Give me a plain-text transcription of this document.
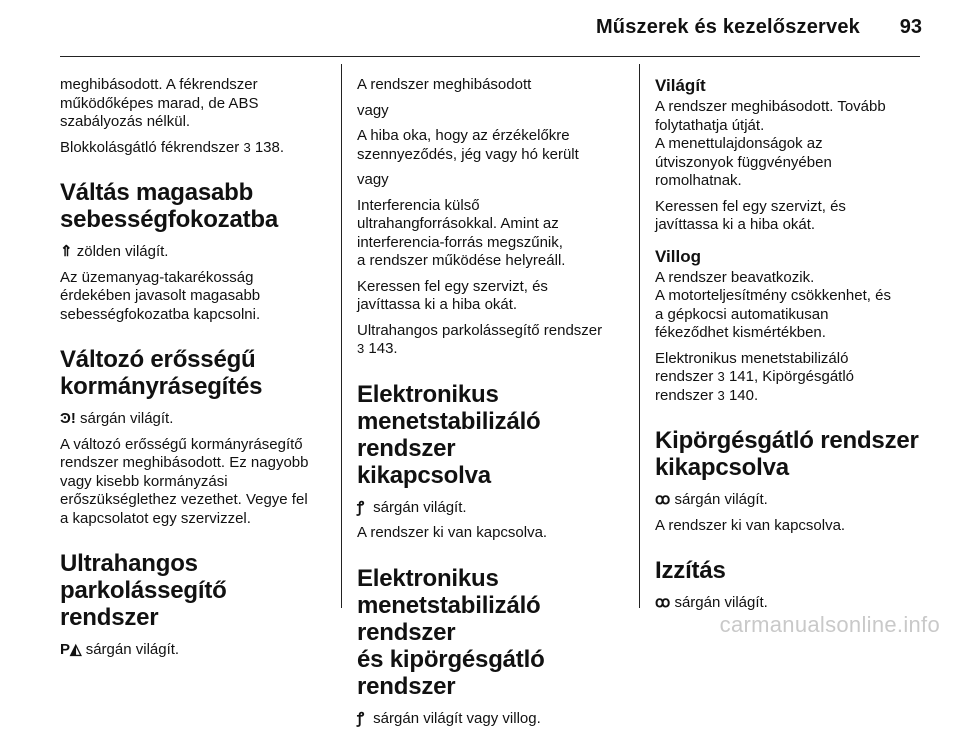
Műszerek és kezelőszervek	93

meghibásodott. A fékrendszer
működőképes marad, de ABS
szabályozás nélkül.

Blokkolásgátló fékrendszer 3 138.

Váltás magasabb
sebességfokozatba

⇑ zölden világít.

Az üzemanyag-takarékosság
érdekében javasolt magasabb
sebességfokozatba kapcsolni.

Változó erősségű
kormányrásegítés

Ͽ! sárgán világít.

A változó erősségű kormányrásegítő
rendszer meghibásodott. Ez nagyobb
vagy kisebb kormányzási
erőszükséglethez vezethet. Vegye fel
a kapcsolatot egy szervizzel.

Ultrahangos
parkolássegítő rendszer

P◭ sárgán világít.

A rendszer meghibásodott

vagy

A hiba oka, hogy az érzékelőkre
szennyeződés, jég vagy hó került

vagy

Interferencia külső
ultrahangforrásokkal. Amint az
interferencia-forrás megszűnik,
a rendszer működése helyreáll.

Keressen fel egy szervizt, és
javíttassa ki a hiba okát.

Ultrahangos parkolássegítő rendszer
3 143.

Elektronikus
menetstabilizáló rendszer
kikapcsolva

ꝭ sárgán világít.

A rendszer ki van kapcsolva.

Elektronikus
menetstabilizáló rendszer
és kipörgésgátló rendszer

ꝭ sárgán világít vagy villog.

Világít

A rendszer meghibásodott. Tovább
folytathatja útját.
A menettulajdonságok az
útviszonyok függvényében
romolhatnak.

Keressen fel egy szervizt, és
javíttassa ki a hiba okát.

Villog

A rendszer beavatkozik.
A motorteljesítmény csökkenhet, és
a gépkocsi automatikusan
fékeződhet kismértékben.

Elektronikus menetstabilizáló
rendszer 3 141, Kipörgésgátló
rendszer 3 140.

Kipörgésgátló rendszer
kikapcsolva

ꝏ sárgán világít.

A rendszer ki van kapcsolva.

Izzítás

ꝏ sárgán világít.

carmanualsonline.info
